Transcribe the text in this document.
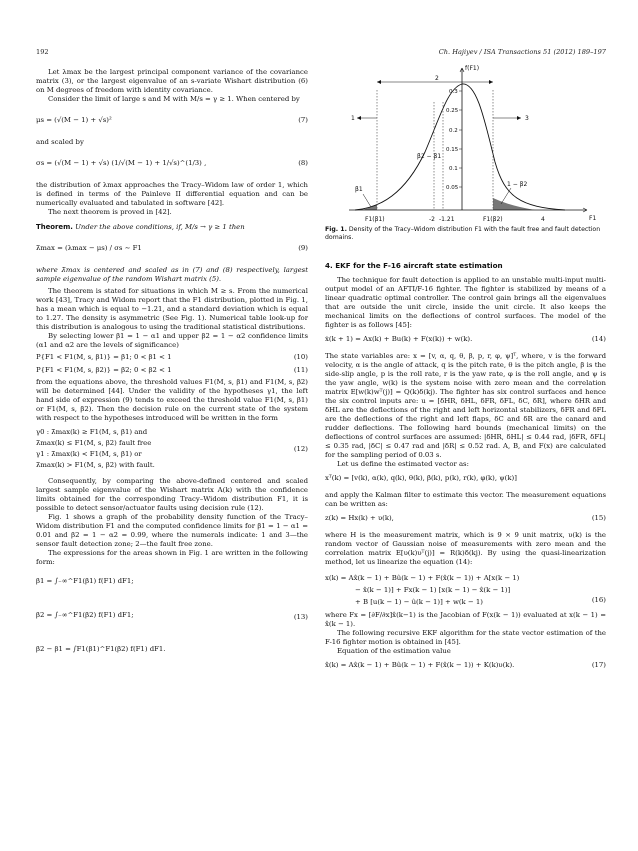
192	Ch. Hajiyev / ISA Transactions 51 (2012) 189–197

Let λmax be the largest principal component variance of the covariance matrix (3), or the largest eigenvalue of an s-variate Wishart distribution (6) on M degrees of freedom with identity covariance.

Consider the limit of large s and M with M/s = γ ≥ 1. When centered by

μs = (√(M − 1) + √s)²	(7)

and scaled by

σs = (√(M − 1) + √s) (1/√(M − 1) + 1/√s)^(1/3) ,	(8)

the distribution of λmax approaches the Tracy–Widom law of order 1, which is defined in terms of the Painleve II differential equation and can be numerically evaluated and tabulated in software [42].

The next theorem is proved in [42].

Theorem. Under the above conditions, if, M/s → γ ≥ 1 then

λ̃max = (λmax − μs) / σs ∼ F1	(9)

where λ̃max is centered and scaled as in (7) and (8) respectively, largest sample eigenvalue of the random Wishart matrix (5).

The theorem is stated for situations in which M ≥ s. From the numerical work [43], Tracy and Widom report that the F1 distribution, plotted in Fig. 1, has a mean which is equal to −1.21, and a standard deviation which is equal to 1.27. The density is asymmetric (See Fig. 1). Numerical table look-up for this distribution is analogous to using the traditional statistical distributions.

By selecting lower β1 = 1 − α1 and upper β2 = 1 − α2 confidence limits (α1 and α2 are the levels of significance)

P{F1 < F1(M, s, β1)} = β1; 0 < β1 < 1	(10)
P{F1 < F1(M, s, β2)} = β2; 0 < β2 < 1	(11)

from the equations above, the threshold values F1(M, s, β1) and F1(M, s, β2) will be determined [44]. Under the validity of the hypotheses γ1, the left hand side of expression (9) tends to exceed the threshold value F1(M, s, β1) or F1(M, s, β2). Then the decision rule on the current state of the system with respect to the hypotheses introduced will be written in the form

γ0 : λ̃max(k) ≥ F1(M, s, β1) and
λ̃max(k) ≤ F1(M, s, β2) fault free
γ1 : λ̃max(k) < F1(M, s, β1) or
λ̃max(k) > F1(M, s, β2) with fault.
(12)

Consequently, by comparing the above-defined centered and scaled largest sample eigenvalue of the Wishart matrix A(k) with the confidence limits obtained for the corresponding Tracy–Widom distribution F1, it is possible to detect sensor/actuator faults using decision rule (12).

Fig. 1 shows a graph of the probability density function of the Tracy–Widom distribution F1 and the computed confidence limits for β1 = 1 − α1 = 0.01 and β2 = 1 − α2 = 0.99, where the numerals indicate: 1 and 3—the sensor fault detection zone; 2—the fault free zone.

The expressions for the areas shown in Fig. 1 are written in the following form:

β1 = ∫₋∞^F1(β1) f(F1) dF1;
β2 = ∫₋∞^F1(β2) f(F1) dF1;
β2 − β1 = ∫F1(β1)^F1(β2) f(F1) dF1.
(13)
0.3
0.25
0.2
0.15
0.1
0.05
f(F1)
F1
F1(β1)	-2 -1.21	F1(β2)	4
1
2
3
β2 − β1
β1
1 − β2
Fig. 1. Density of the Tracy–Widom distribution F1 with the fault free and fault detection domains.
4. EKF for the F-16 aircraft state estimation

The technique for fault detection is applied to an unstable multi-input multi-output model of an AFTI/F-16 fighter. The fighter is stabilized by means of a linear quadratic optimal controller. The control gain brings all the eigenvalues that are outside the unit circle, inside the unit circle. It also keeps the mechanical limits on the deflections of control surfaces. The model of the fighter is as follows [45]:

ẋ(k + 1) = Ax(k) + Bu(k) + F(x(k)) + w(k).	(14)

The state variables are: x = [v, α, q, θ, β, p, r, φ, ψ]ᵀ, where, v is the forward velocity, α is the angle of attack, q is the pitch rate, θ is the pitch angle, β is the side-slip angle, p is the roll rate, r is the yaw rate, φ is the roll angle, and ψ is the yaw angle, w(k) is the system noise with zero mean and the correlation matrix E[w(k)wᵀ(j)] = Q(k)δ(kj). The fighter has six control surfaces and hence the six control inputs are: u = [δHR, δHL, δFR, δFL, δC, δR], where δHR and δHL are the deflections of the right and left horizontal stabilizers, δFR and δFL are the deflections of the right and left flaps, δC and δR are the canard and rudder deflections. The following hard bounds (mechanical limits) on the deflections of control surfaces are assumed: |δHR, δHL| ≤ 0.44 rad, |δFR, δFL| ≤ 0.35 rad, |δC| ≤ 0.47 rad and |δR| ≤ 0.52 rad. A, B, and F(x) are calculated for the sampling period of 0.03 s.

Let us define the estimated vector as:

xᵀ(k) = [v(k), α(k), q(k), θ(k), β(k), p(k), r(k), φ(k), ψ(k)]

and apply the Kalman filter to estimate this vector. The measurement equations can be written as:

z(k) = Hx(k) + υ(k),	(15)

where H is the measurement matrix, which is 9 × 9 unit matrix, υ(k) is the random vector of Gaussian noise of measurements with zero mean and the correlation matrix E[υ(k)υᵀ(j)] = R(k)δ(kj). By using the quasi-linearization method, let us linearize the equation (14):

x(k) = Ax̂(k − 1) + Bû(k − 1) + F(x̂(k − 1)) + A[x(k − 1)
− x̂(k − 1)] + Fx(k − 1) [x(k − 1) − x̂(k − 1)]
+ B [u(k − 1) − û(k − 1)] + w(k − 1)	(16)

where Fx = [∂F/∂x]x̂(k−1) is the Jacobian of F(x(k − 1)) evaluated at x(k − 1) = x̂(k − 1).

The following recursive EKF algorithm for the state vector estimation of the F-16 fighter motion is obtained in [45].

Equation of the estimation value

x̂(k) = Ax̂(k − 1) + Bû(k − 1) + F(x̂(k − 1)) + K(k)υ(k).	(17)
